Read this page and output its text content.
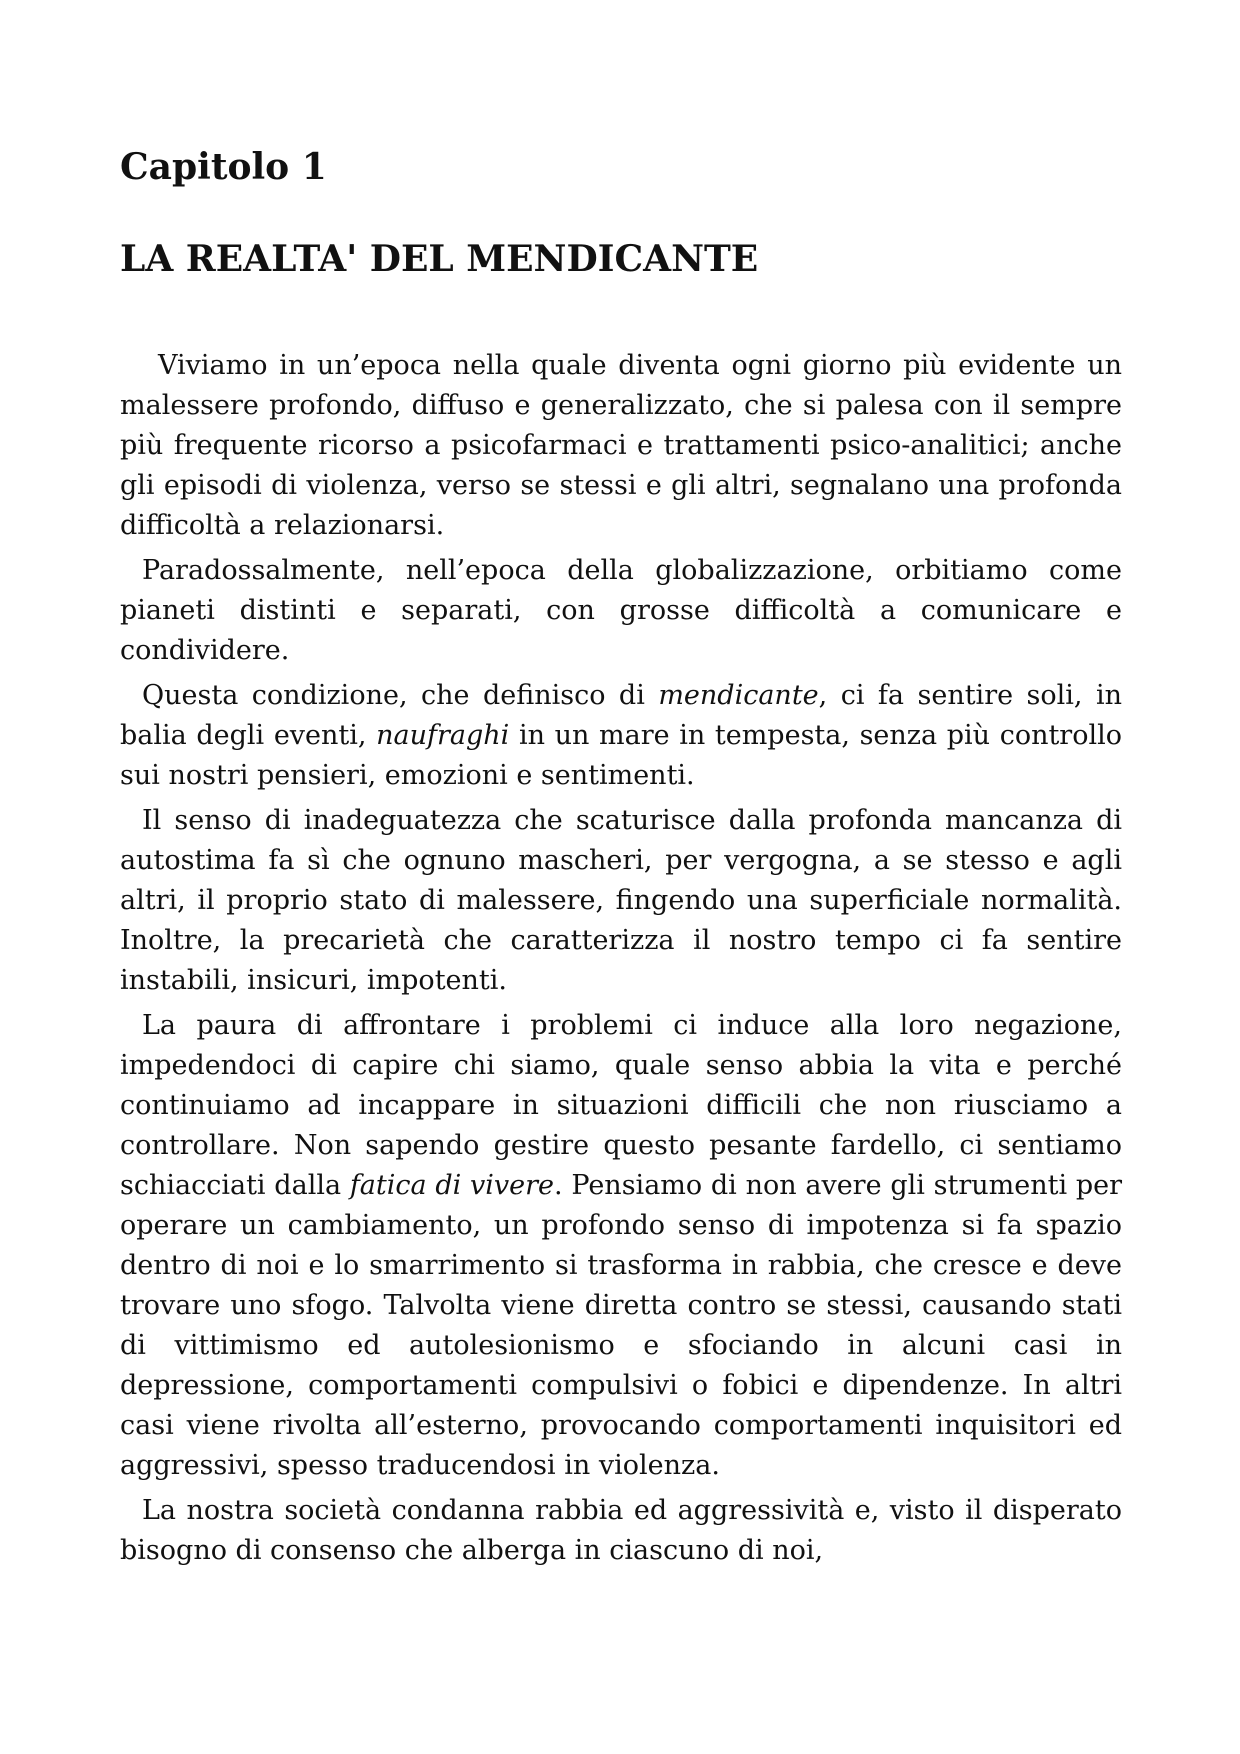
Capitolo 1
LA REALTA' DEL MENDICANTE

Viviamo in un’epoca nella quale diventa ogni giorno più evidente un malessere profondo, diffuso e generalizzato, che si palesa con il sempre più frequente ricorso a psicofarmaci e trattamenti psico-analitici; anche gli episodi di violenza, verso se stessi e gli altri, segnalano una profonda difficoltà a relazionarsi.

Paradossalmente, nell’epoca della globalizzazione, orbitiamo come pianeti distinti e separati, con grosse difficoltà a comunicare e condividere.

Questa condizione, che definisco di mendicante, ci fa sentire soli, in balia degli eventi, naufraghi in un mare in tempesta, senza più controllo sui nostri pensieri, emozioni e sentimenti.

Il senso di inadeguatezza che scaturisce dalla profonda mancanza di autostima fa sì che ognuno mascheri, per vergogna, a se stesso e agli altri, il proprio stato di malessere, fingendo una superficiale normalità. Inoltre, la precarietà che caratterizza il nostro tempo ci fa sentire instabili, insicuri, impotenti.

La paura di affrontare i problemi ci induce alla loro negazione, impedendoci di capire chi siamo, quale senso abbia la vita e perché continuiamo ad incappare in situazioni difficili che non riusciamo a controllare. Non sapendo gestire questo pesante fardello, ci sentiamo schiacciati dalla fatica di vivere. Pensiamo di non avere gli strumenti per operare un cambiamento, un profondo senso di impotenza si fa spazio dentro di noi e lo smarrimento si trasforma in rabbia, che cresce e deve trovare uno sfogo. Talvolta viene diretta contro se stessi, causando stati di vittimismo ed autolesionismo e sfociando in alcuni casi in depressione, comportamenti compulsivi o fobici e dipendenze. In altri casi viene rivolta all’esterno, provocando comportamenti inquisitori ed aggressivi, spesso traducendosi in violenza.

La nostra società condanna rabbia ed aggressività e, visto il disperato bisogno di consenso che alberga in ciascuno di noi,
